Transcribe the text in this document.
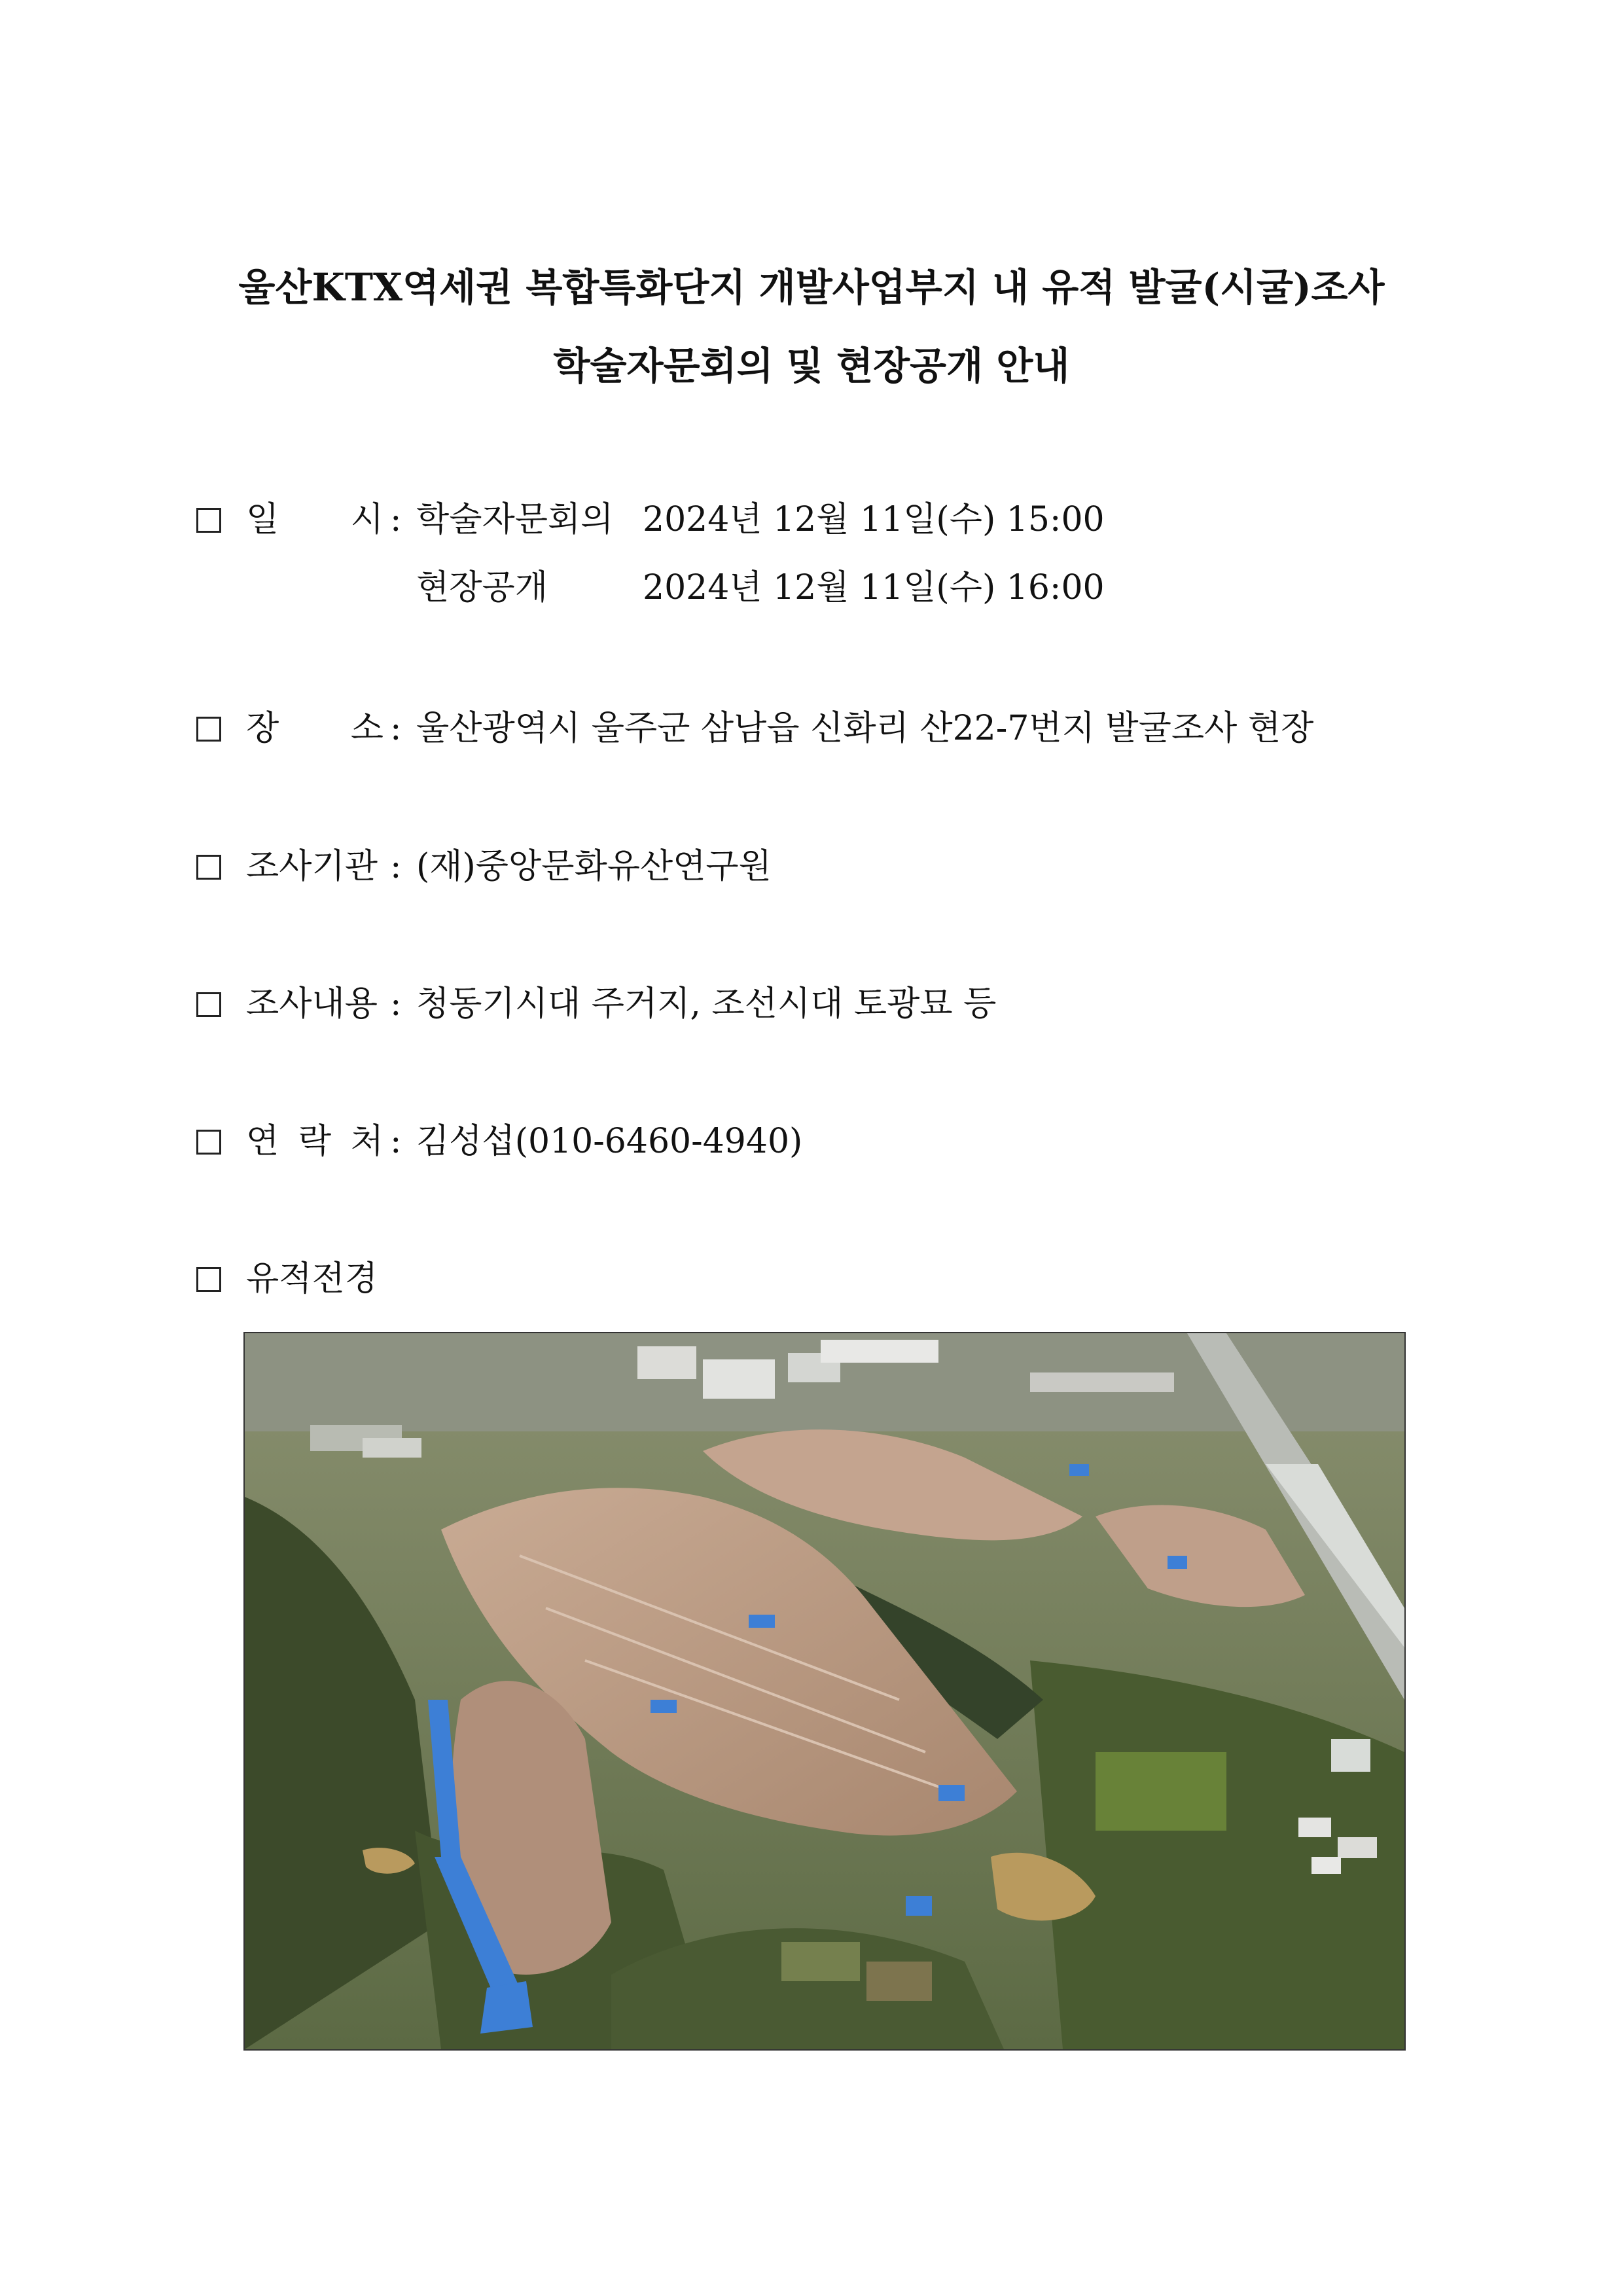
울산KTX역세권 복합특화단지 개발사업부지 내 유적 발굴(시굴)조사
학술자문회의 및 현장공개 안내
일 시 : 학술자문회의 2024년 12월 11일(수) 15:00
현장공개	2024년 12월 11일(수) 16:00
장 소 : 울산광역시 울주군 삼남읍 신화리 산22-7번지 발굴조사 현장
조사기관 : (재)중앙문화유산연구원
조사내용 : 청동기시대 주거지, 조선시대 토광묘 등
연 락 처 : 김성섭(010-6460-4940)
유적전경
